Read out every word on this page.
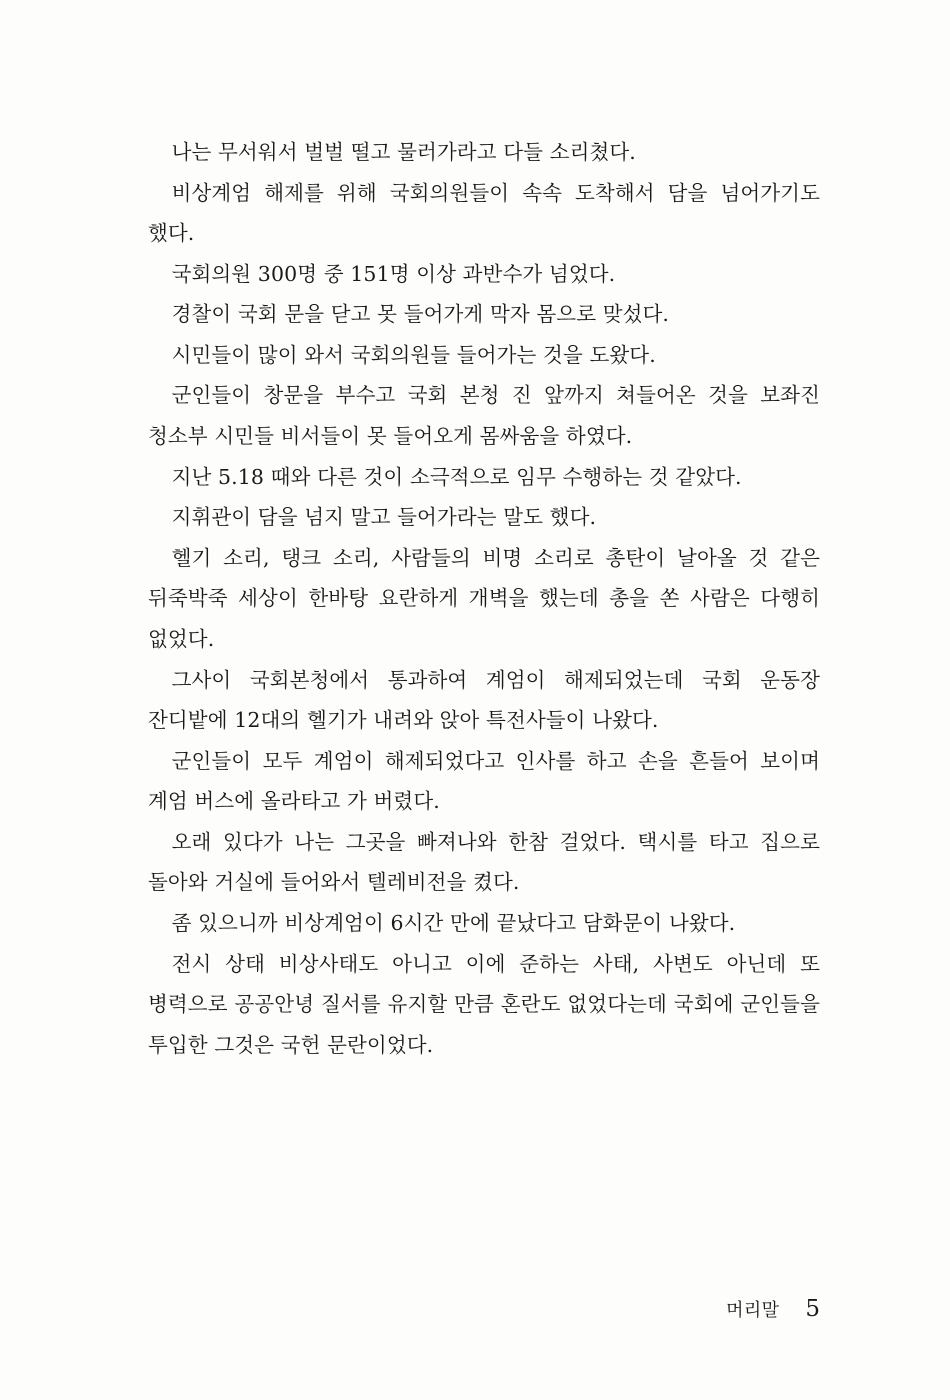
나는 무서워서 벌벌 떨고 물러가라고 다들 소리쳤다.

비상계엄 해제를 위해 국회의원들이 속속 도착해서 담을 넘어가기도 했다.

국회의원 300명 중 151명 이상 과반수가 넘었다.

경찰이 국회 문을 닫고 못 들어가게 막자 몸으로 맞섰다.

시민들이 많이 와서 국회의원들 들어가는 것을 도왔다.

군인들이 창문을 부수고 국회 본청 진 앞까지 쳐들어온 것을 보좌진 청소부 시민들 비서들이 못 들어오게 몸싸움을 하였다.

지난 5.18 때와 다른 것이 소극적으로 임무 수행하는 것 같았다.

지휘관이 담을 넘지 말고 들어가라는 말도 했다.

헬기 소리, 탱크 소리, 사람들의 비명 소리로 총탄이 날아올 것 같은 뒤죽박죽 세상이 한바탕 요란하게 개벽을 했는데 총을 쏜 사람은 다행히 없었다.

그사이 국회본청에서 통과하여 계엄이 해제되었는데 국회 운동장 잔디밭에 12대의 헬기가 내려와 앉아 특전사들이 나왔다.

군인들이 모두 계엄이 해제되었다고 인사를 하고 손을 흔들어 보이며 계엄 버스에 올라타고 가 버렸다.

오래 있다가 나는 그곳을 빠져나와 한참 걸었다. 택시를 타고 집으로 돌아와 거실에 들어와서 텔레비전을 켰다.

좀 있으니까 비상계엄이 6시간 만에 끝났다고 담화문이 나왔다.

전시 상태 비상사태도 아니고 이에 준하는 사태, 사변도 아닌데 또 병력으로 공공안녕 질서를 유지할 만큼 혼란도 없었다는데 국회에 군인들을 투입한 그것은 국헌 문란이었다.

머리말 5
